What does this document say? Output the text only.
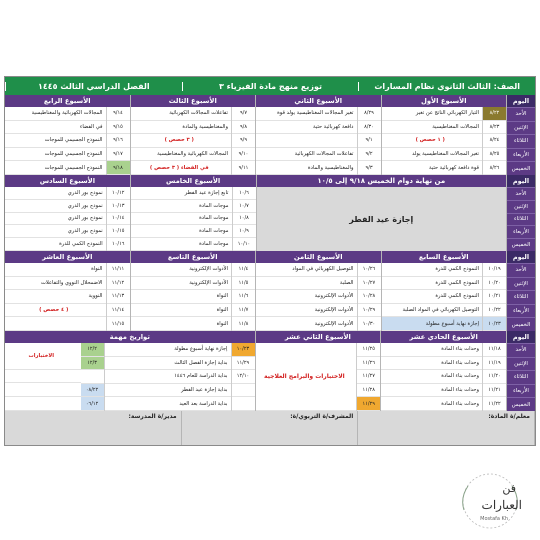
الصف: الثالث الثانوي نظام المسارات
توزيع منهج مادة الفيزياء ٣
الفصل الدراسي الثالث ١٤٤٥
اليوم
الأحد
الإثنين
الثلاثاء
الأربعاء
الخميس
الأسبوع الأول
٨/٢٢
٨/٢٣
٨/٢٤
٨/٢٥
٨/٢٦
التيار الكهربائي الناتج عن تغير
المجالات المغناطيسية
( ١ حصص )
تغير المجالات المغناطيسية يولد
قوة دافعة كهربائية حثية
الأسبوع الثاني
٨/٢٩
٨/٣٠
٩/١
٩/٢
٩/٣
تغير المجالات المغناطيسية يولد قوة
دافعة كهربائية حثية
تفاعلات المجالات الكهربائية
والمغناطيسية والمادة
الأسبوع الثالث
٩/٧
٩/٨
٩/٩
٩/١٠
٩/١١
تفاعلات المجالات الكهربائية
والمغناطيسية والمادة
( ٣ حصص )
المجالات الكهربائية والمغناطيسية
في الفضاء ( ٣ حصص )
الأسبوع الرابع
٩/١٤
٩/١٥
٩/١٦
٩/١٧
٩/١٨
المجالات الكهربائية والمغناطيسية
في الفضاء
النموذج الجسيمي للموجات
النموذج الجسيمي للموجات
النموذج الجسيمي للموجات
اليوم
الأحد
الإثنين
الثلاثاء
الأربعاء
الخميس
من نهاية دوام الخميس ٩/١٨ إلى ١٠/٥
إجازة عيد الفطر
الأسبوع الخامس
١٠/٦
١٠/٧
١٠/٨
١٠/٩
١٠/١٠
تابع إجازة عيد الفطر
موجات المادة
موجات المادة
موجات المادة
موجات المادة
الأسبوع السادس
١٠/١٢
١٠/١٣
١٠/١٤
١٠/١٥
١٠/١٦
نموذج بور الذري
نموذج بور الذري
نموذج بور الذري
نموذج بور الذري
النموذج الكمي للذرة
اليوم
الأحد
الإثنين
الثلاثاء
الأربعاء
الخميس
الأسبوع السابع
١٠/١٩
١٠/٢٠
١٠/٢١
١٠/٢٢
١٠/٢٣
النموذج الكمي للذرة
النموذج الكمي للذرة
النموذج الكمي للذرة
التوصيل الكهربائي في المواد الصلبة
إجازة نهاية أسبوع مطولة
الأسبوع الثامن
١٠/٢٦
١٠/٢٧
١٠/٢٨
١٠/٢٩
١٠/٣٠
التوصيل الكهربائي في المواد
الصلبة
الأدوات الإلكترونية
الأدوات الإلكترونية
الأدوات الإلكترونية
الأسبوع التاسع
١١/٤
١١/٥
١١/٦
١١/٧
١١/٨
الأدوات الإلكترونية
الأدوات الإلكترونية
النواة
النواة
النواة
الأسبوع العاشر
١١/١١
١١/١٢
١١/١٣
١١/١٤
١١/١٥
النواة
الاضمحلال النووي والتفاعلات
النووية
( ٤ حصص )
اليوم
الأحد
الإثنين
الثلاثاء
الأربعاء
الخميس
الأسبوع الحادي عشر
١١/١٨
١١/١٩
١١/٢٠
١١/٢١
١١/٢٢
وحدات بناء المادة
وحدات بناء المادة
وحدات بناء المادة
وحدات بناء المادة
وحدات بناء المادة
الأسبوع الثاني عشر
١١/٢٥
١١/٢٦
١١/٢٧
١١/٢٨
١١/٢٩
الاختبارات والبرامج العلاجية
تواريخ مهمة
١٠/٢٣
١١/٢٩
١٢/١٠
إجازة نهاية أسبوع مطولة
بداية إجازة الفصل الثالث
بداية الدراسة للعام ١٤٤٦
بداية إجازة عيد الفطر
بداية الدراسة بعد العيد
١٢/٢
١٢/٣
٠٨/٢٢
٠٦/١٢
الاختبارات
معلم/ة المادة:
المشرف/ة التربوي/ة:
مدير/ة المدرسة:
فن
العبارات
Mostafa Kh
